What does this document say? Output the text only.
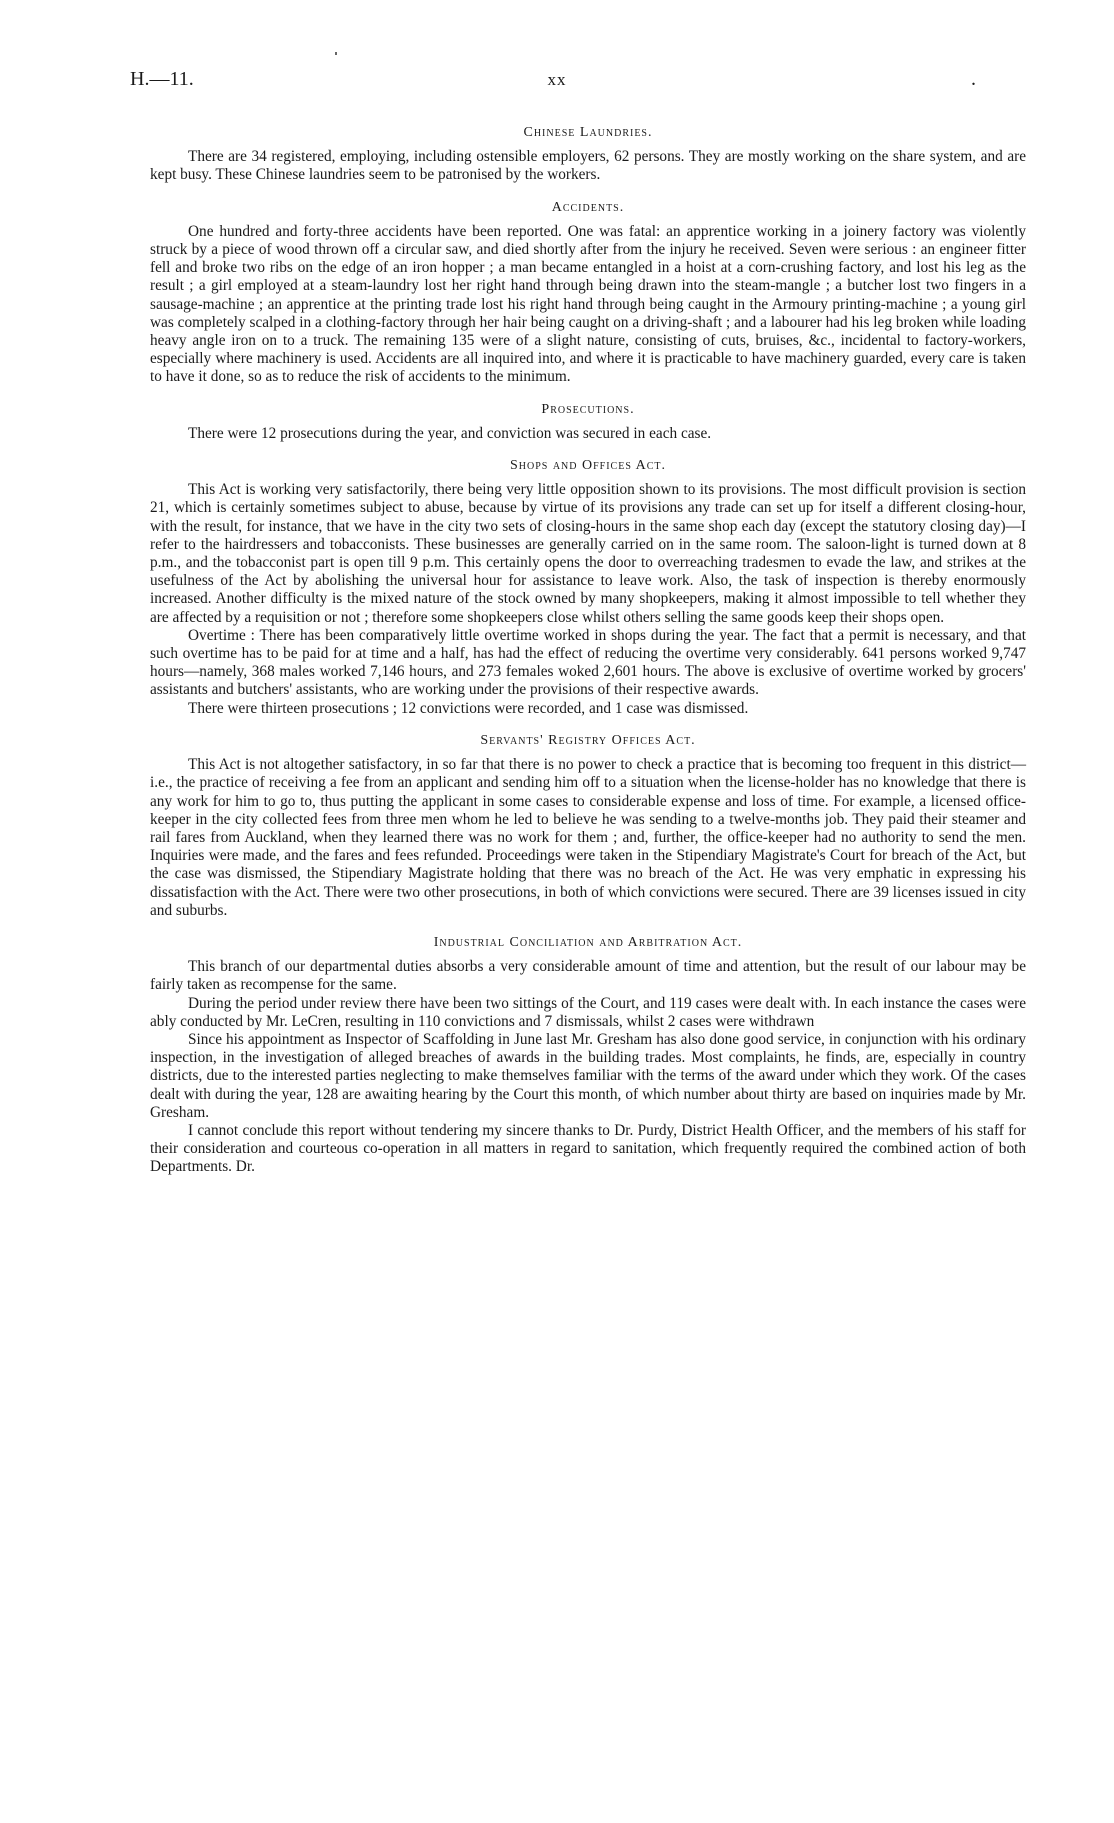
H.—11.	xx	.
Chinese Laundries.

There are 34 registered, employing, including ostensible employers, 62 persons. They are mostly working on the share system, and are kept busy. These Chinese laundries seem to be patronised by the workers.

Accidents.

One hundred and forty-three accidents have been reported. One was fatal: an apprentice working in a joinery factory was violently struck by a piece of wood thrown off a circular saw, and died shortly after from the injury he received. Seven were serious : an engineer fitter fell and broke two ribs on the edge of an iron hopper ; a man became entangled in a hoist at a corn-crushing factory, and lost his leg as the result ; a girl employed at a steam-laundry lost her right hand through being drawn into the steam-mangle ; a butcher lost two fingers in a sausage-machine ; an apprentice at the printing trade lost his right hand through being caught in the Armoury printing-machine ; a young girl was completely scalped in a clothing-factory through her hair being caught on a driving-shaft ; and a labourer had his leg broken while loading heavy angle iron on to a truck. The remaining 135 were of a slight nature, consisting of cuts, bruises, &c., incidental to factory-workers, especially where machinery is used. Accidents are all inquired into, and where it is practicable to have machinery guarded, every care is taken to have it done, so as to reduce the risk of accidents to the minimum.

Prosecutions.

There were 12 prosecutions during the year, and conviction was secured in each case.

Shops and Offices Act.

This Act is working very satisfactorily, there being very little opposition shown to its provisions. The most difficult provision is section 21, which is certainly sometimes subject to abuse, because by virtue of its provisions any trade can set up for itself a different closing-hour, with the result, for instance, that we have in the city two sets of closing-hours in the same shop each day (except the statutory closing day)—I refer to the hairdressers and tobacconists. These businesses are generally carried on in the same room. The saloon-light is turned down at 8 p.m., and the tobacconist part is open till 9 p.m. This certainly opens the door to overreaching tradesmen to evade the law, and strikes at the usefulness of the Act by abolishing the universal hour for assistance to leave work. Also, the task of inspection is thereby enormously increased. Another difficulty is the mixed nature of the stock owned by many shopkeepers, making it almost impossible to tell whether they are affected by a requisition or not ; therefore some shopkeepers close whilst others selling the same goods keep their shops open.

Overtime : There has been comparatively little overtime worked in shops during the year. The fact that a permit is necessary, and that such overtime has to be paid for at time and a half, has had the effect of reducing the overtime very considerably. 641 persons worked 9,747 hours—namely, 368 males worked 7,146 hours, and 273 females woked 2,601 hours. The above is exclusive of overtime worked by grocers' assistants and butchers' assistants, who are working under the provisions of their respective awards.

There were thirteen prosecutions ; 12 convictions were recorded, and 1 case was dismissed.

Servants' Registry Offices Act.

This Act is not altogether satisfactory, in so far that there is no power to check a practice that is becoming too frequent in this district—i.e., the practice of receiving a fee from an applicant and sending him off to a situation when the license-holder has no knowledge that there is any work for him to go to, thus putting the applicant in some cases to considerable expense and loss of time. For example, a licensed office-keeper in the city collected fees from three men whom he led to believe he was sending to a twelve-months job. They paid their steamer and rail fares from Auckland, when they learned there was no work for them ; and, further, the office-keeper had no authority to send the men. Inquiries were made, and the fares and fees refunded. Proceedings were taken in the Stipendiary Magistrate's Court for breach of the Act, but the case was dismissed, the Stipendiary Magistrate holding that there was no breach of the Act. He was very emphatic in expressing his dissatisfaction with the Act. There were two other prosecutions, in both of which convictions were secured. There are 39 licenses issued in city and suburbs.

Industrial Conciliation and Arbitration Act.

This branch of our departmental duties absorbs a very considerable amount of time and attention, but the result of our labour may be fairly taken as recompense for the same.

During the period under review there have been two sittings of the Court, and 119 cases were dealt with. In each instance the cases were ably conducted by Mr. LeCren, resulting in 110 convictions and 7 dismissals, whilst 2 cases were withdrawn

Since his appointment as Inspector of Scaffolding in June last Mr. Gresham has also done good service, in conjunction with his ordinary inspection, in the investigation of alleged breaches of awards in the building trades. Most complaints, he finds, are, especially in country districts, due to the interested parties neglecting to make themselves familiar with the terms of the award under which they work. Of the cases dealt with during the year, 128 are awaiting hearing by the Court this month, of which number about thirty are based on inquiries made by Mr. Gresham.

I cannot conclude this report without tendering my sincere thanks to Dr. Purdy, District Health Officer, and the members of his staff for their consideration and courteous co-operation in all matters in regard to sanitation, which frequently required the combined action of both Departments. Dr.
